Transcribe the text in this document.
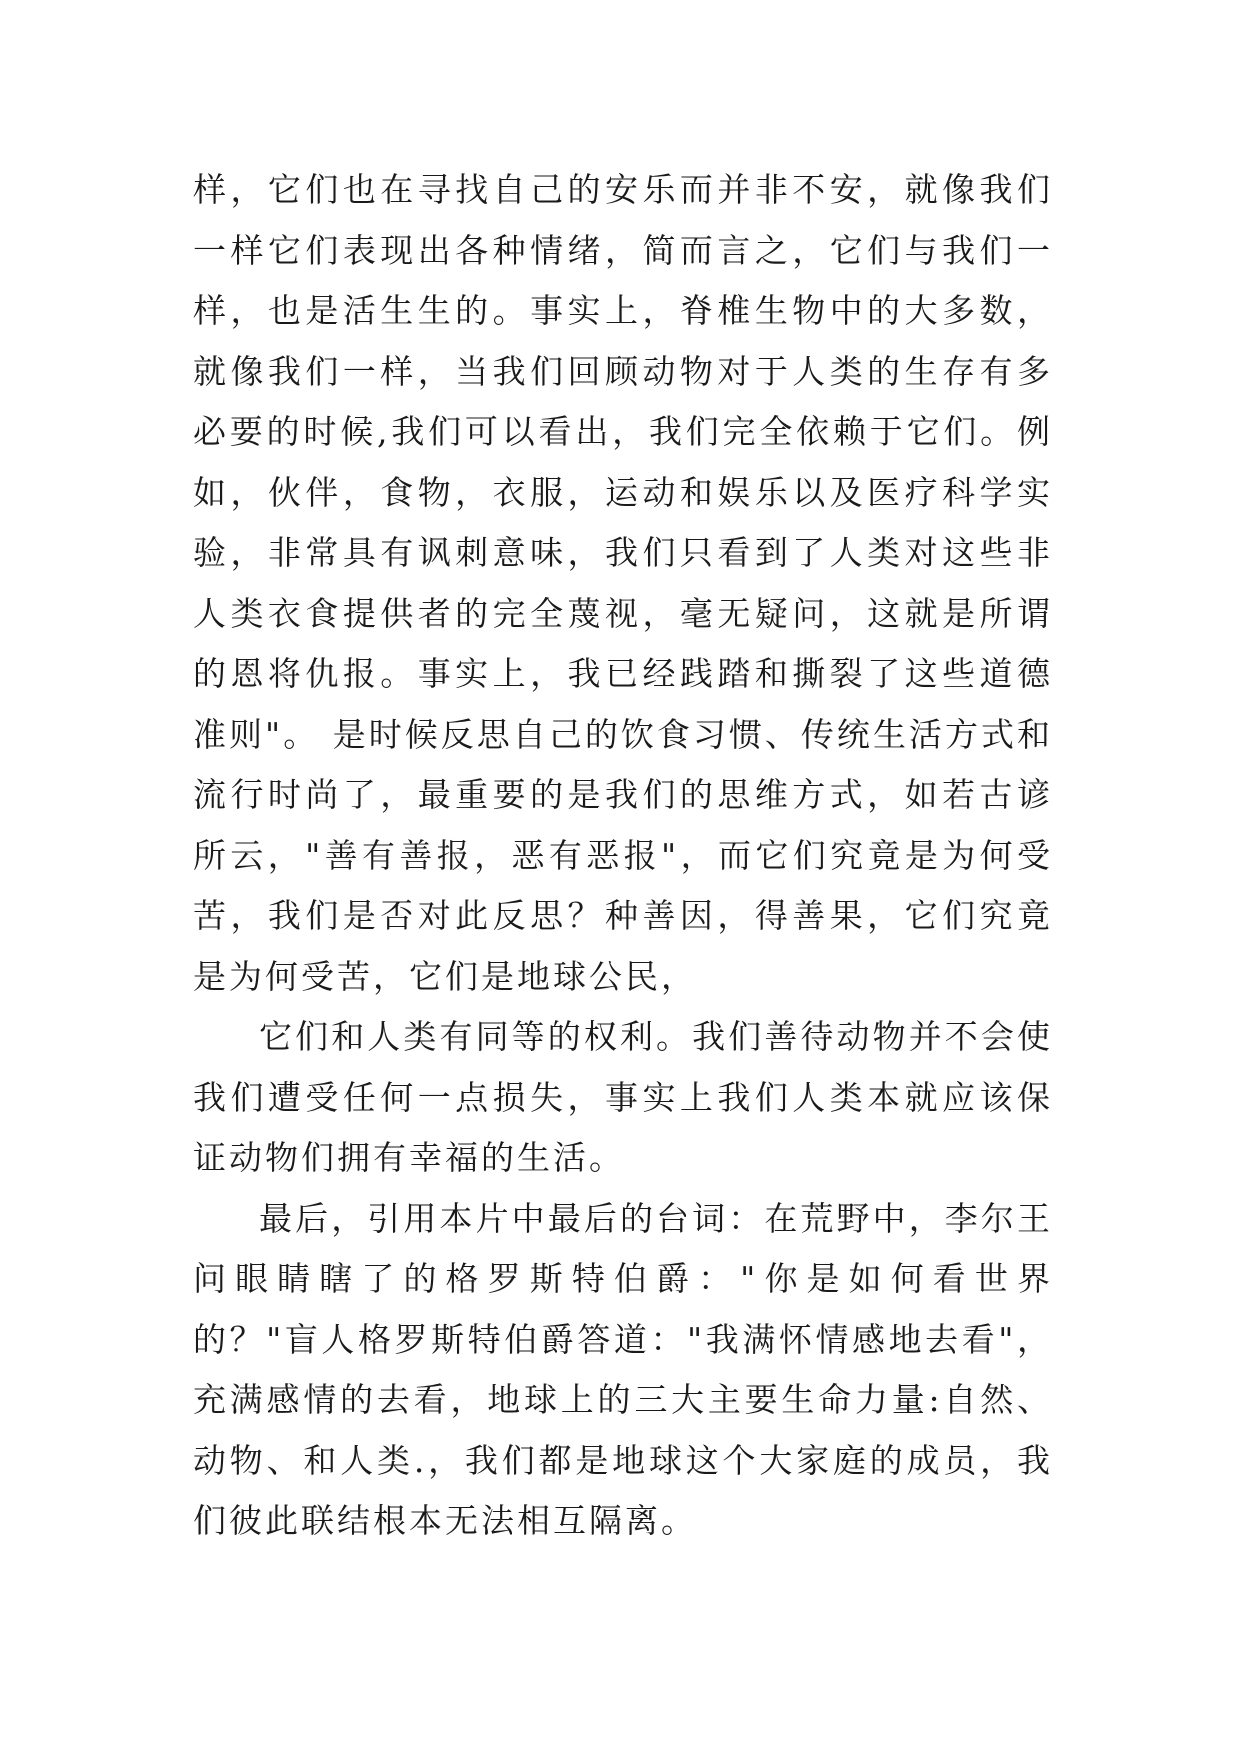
样，它们也在寻找自己的安乐而并非不安，就像我们一样它们表现出各种情绪，简而言之，它们与我们一样，也是活生生的。事实上，脊椎生物中的大多数，就像我们一样，当我们回顾动物对于人类的生存有多必要的时候,我们可以看出，我们完全依赖于它们。例如，伙伴，食物，衣服，运动和娱乐以及医疗科学实验，非常具有讽刺意味，我们只看到了人类对这些非人类衣食提供者的完全蔑视，毫无疑问，这就是所谓的恩将仇报。事实上，我已经践踏和撕裂了这些道德准则"。 是时候反思自己的饮食习惯、传统生活方式和流行时尚了，最重要的是我们的思维方式，如若古谚所云，"善有善报，恶有恶报"，而它们究竟是为何受苦，我们是否对此反思？种善因，得善果，它们究竟是为何受苦，它们是地球公民，

它们和人类有同等的权利。我们善待动物并不会使我们遭受任何一点损失，事实上我们人类本就应该保证动物们拥有幸福的生活。

最后，引用本片中最后的台词：在荒野中，李尔王问眼睛瞎了的格罗斯特伯爵："你是如何看世界的？"盲人格罗斯特伯爵答道："我满怀情感地去看"，充满感情的去看，地球上的三大主要生命力量:自然、动物、和人类.，我们都是地球这个大家庭的成员，我们彼此联结根本无法相互隔离。
